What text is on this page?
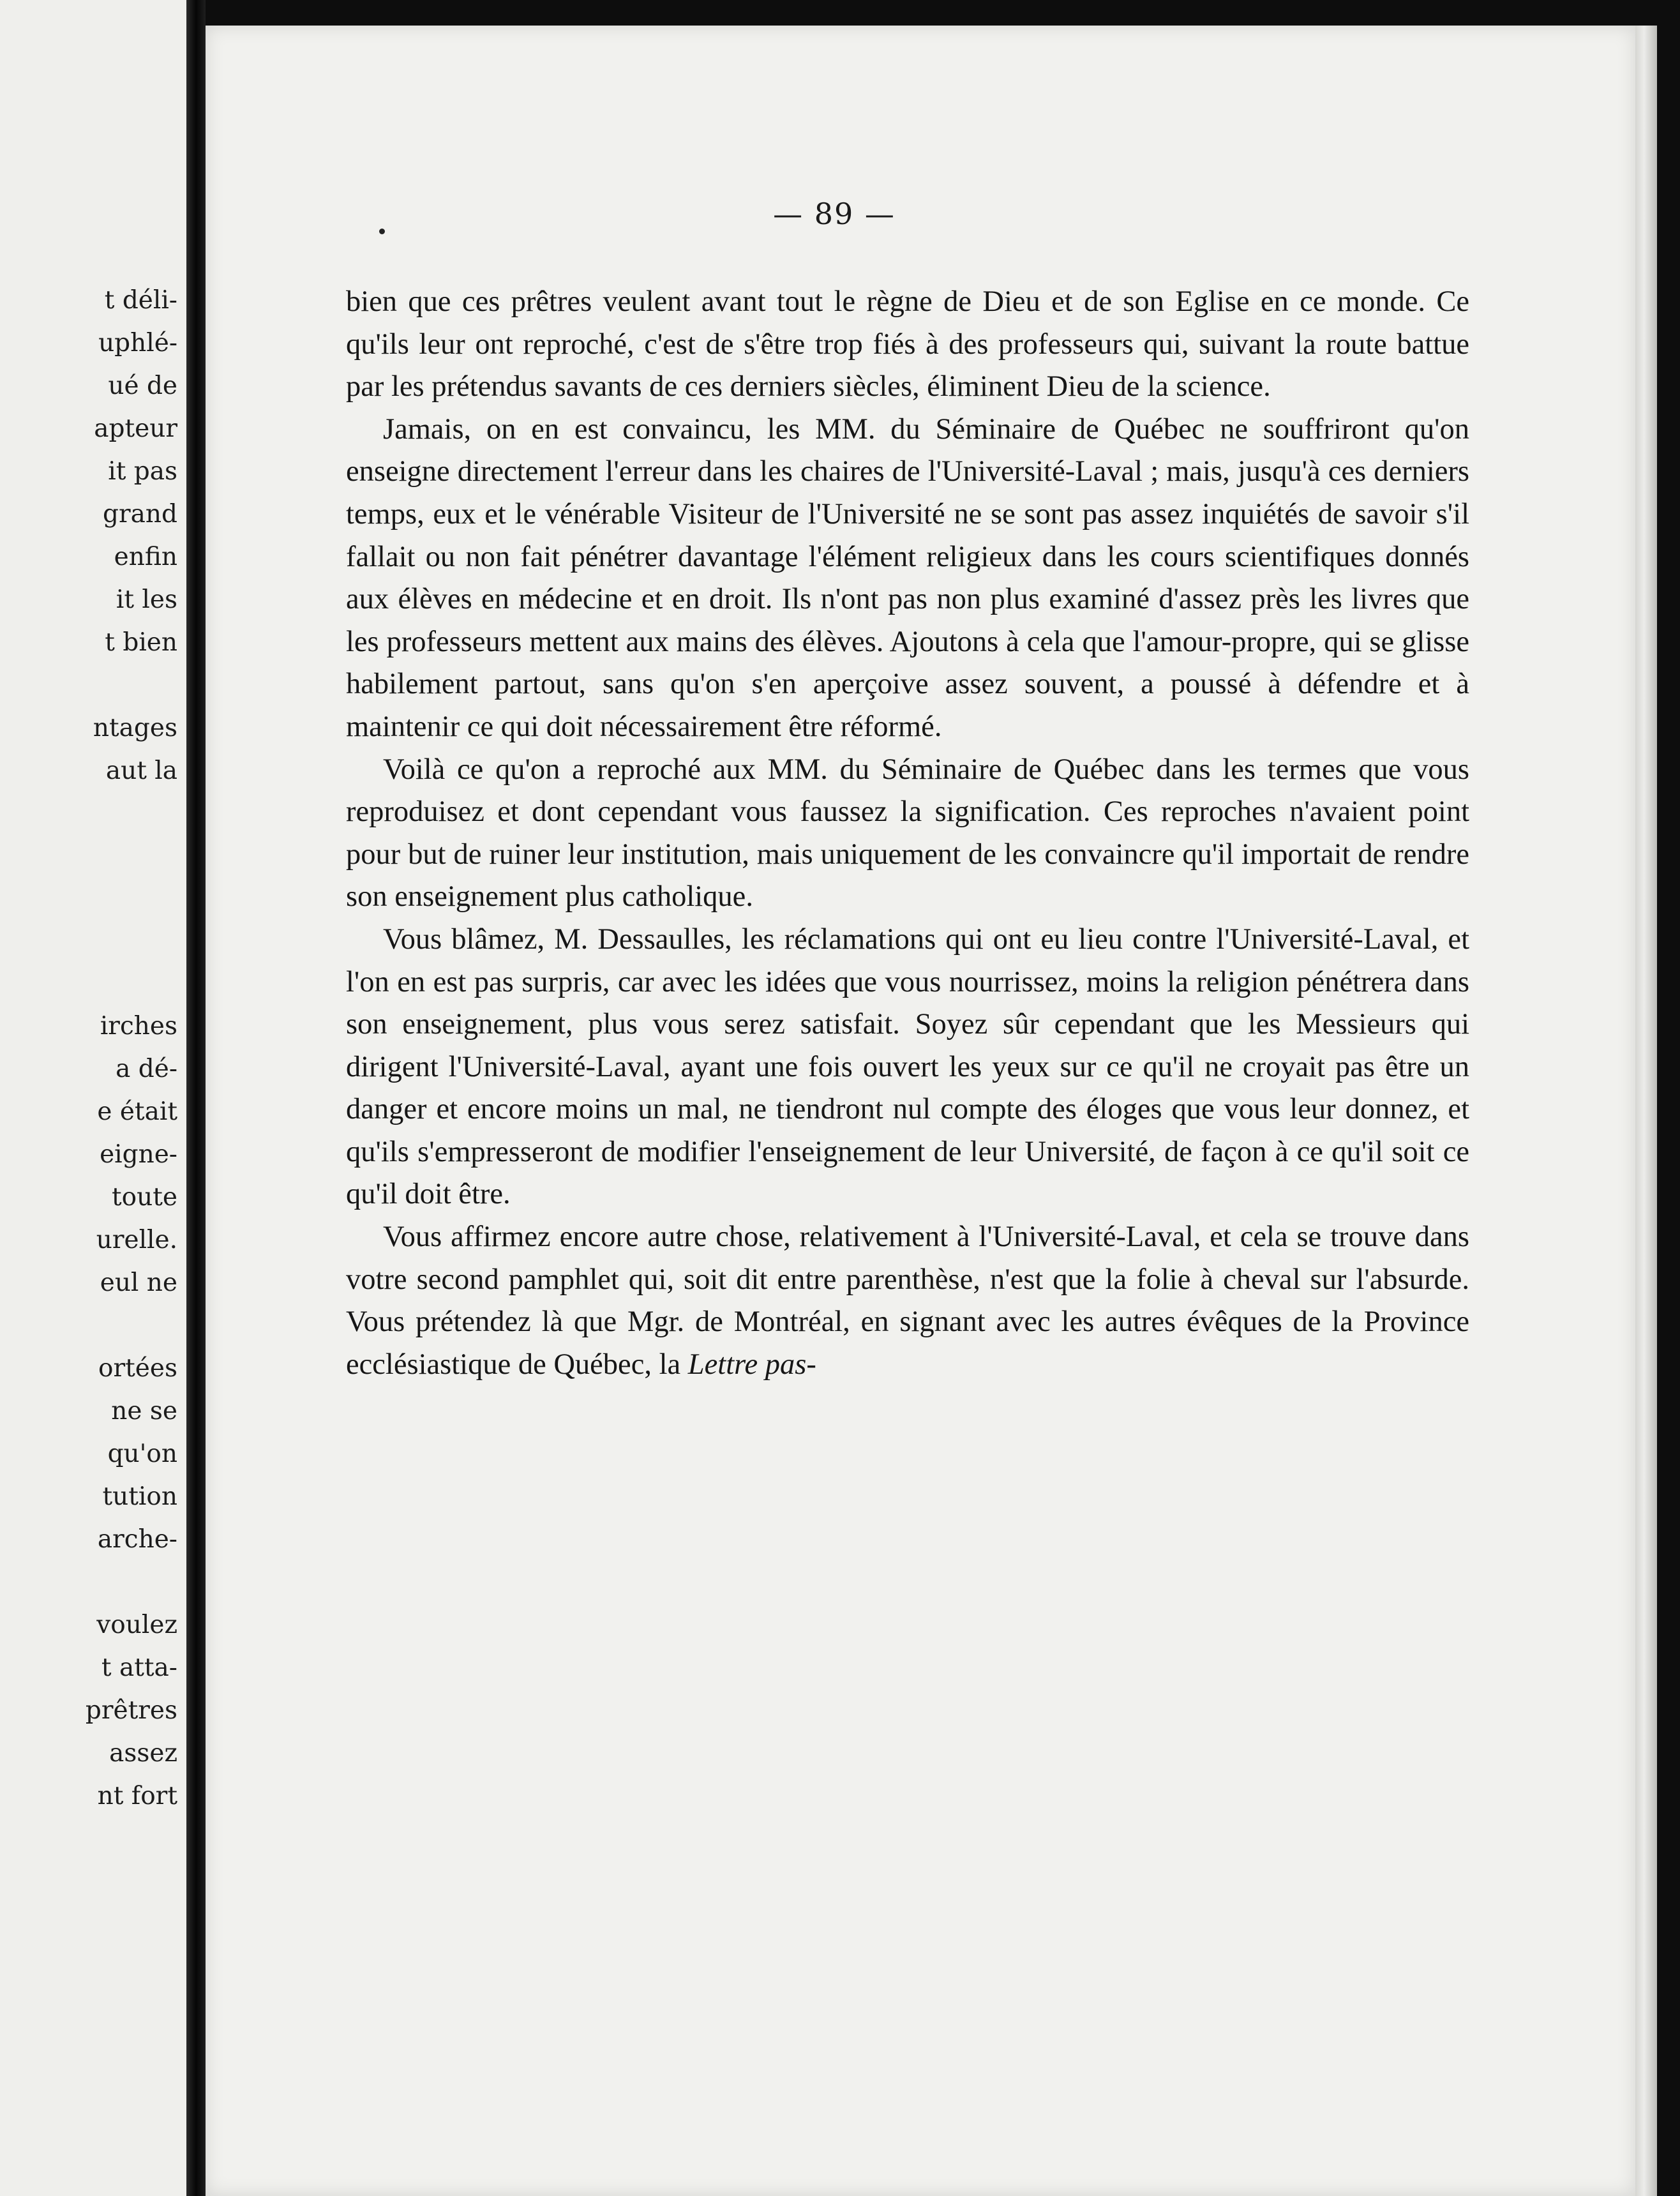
t déli-
uphlé-
ué de
apteur
it pas
grand
enfin
it les
t bien
ntages
aut la
irches
a dé-
e était
eigne-
toute
urelle.
eul ne
ortées
ne se
qu'on
tution
arche-
voulez
t atta-
prêtres
assez
nt fort
— 89 —

bien que ces prêtres veulent avant tout le règne de Dieu et de son Eglise en ce monde. Ce qu'ils leur ont reproché, c'est de s'être trop fiés à des professeurs qui, suivant la route battue par les prétendus savants de ces derniers siècles, éliminent Dieu de la science.

Jamais, on en est convaincu, les MM. du Séminaire de Québec ne souffriront qu'on enseigne directement l'erreur dans les chaires de l'Université-Laval ; mais, jusqu'à ces derniers temps, eux et le vénérable Visiteur de l'Université ne se sont pas assez inquiétés de savoir s'il fallait ou non fait pénétrer davantage l'élément religieux dans les cours scientifiques donnés aux élèves en médecine et en droit. Ils n'ont pas non plus examiné d'assez près les livres que les professeurs mettent aux mains des élèves. Ajoutons à cela que l'amour-propre, qui se glisse habilement partout, sans qu'on s'en aperçoive assez souvent, a poussé à défendre et à maintenir ce qui doit nécessairement être réformé.

Voilà ce qu'on a reproché aux MM. du Séminaire de Québec dans les termes que vous reproduisez et dont cependant vous faussez la signification. Ces reproches n'avaient point pour but de ruiner leur institution, mais uniquement de les convaincre qu'il importait de rendre son enseignement plus catholique.

Vous blâmez, M. Dessaulles, les réclamations qui ont eu lieu contre l'Université-Laval, et l'on en est pas surpris, car avec les idées que vous nourrissez, moins la religion pénétrera dans son enseignement, plus vous serez satisfait. Soyez sûr cependant que les Messieurs qui dirigent l'Université-Laval, ayant une fois ouvert les yeux sur ce qu'il ne croyait pas être un danger et encore moins un mal, ne tiendront nul compte des éloges que vous leur donnez, et qu'ils s'empresseront de modifier l'enseignement de leur Université, de façon à ce qu'il soit ce qu'il doit être.

Vous affirmez encore autre chose, relativement à l'Université-Laval, et cela se trouve dans votre second pamphlet qui, soit dit entre parenthèse, n'est que la folie à cheval sur l'absurde. Vous prétendez là que Mgr. de Montréal, en signant avec les autres évêques de la Province ecclésiastique de Québec, la Lettre pas-
